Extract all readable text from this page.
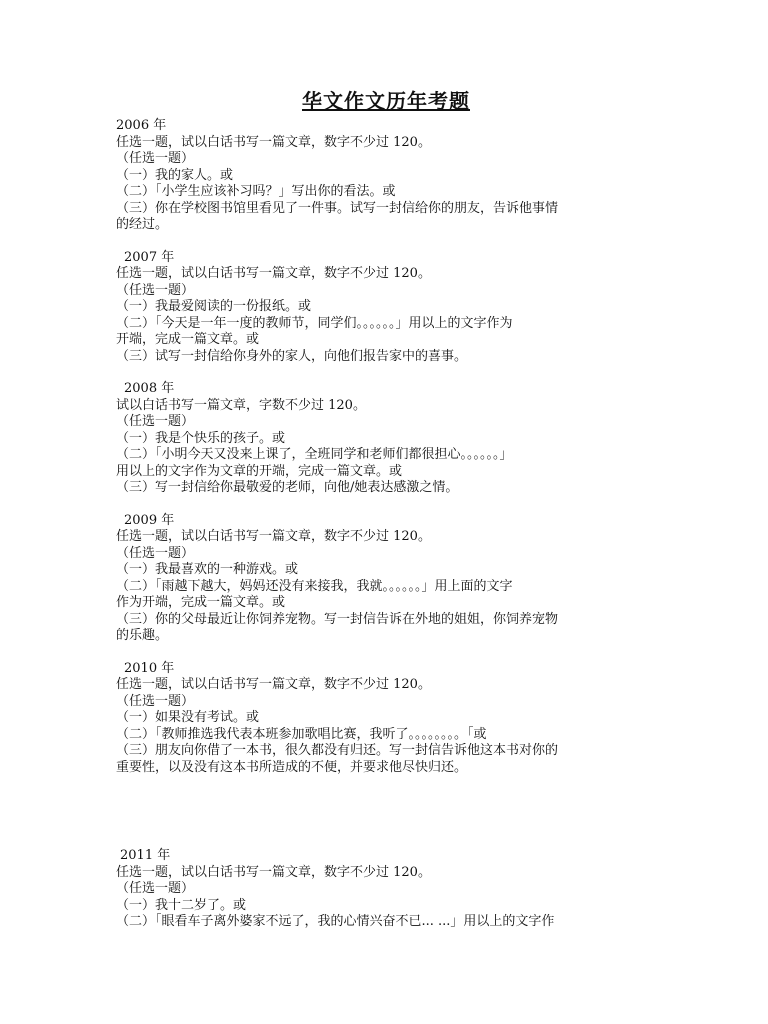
华文作文历年考题
2006 年
任选一题，试以白话书写一篇文章，数字不少过 120。
（任选一题）
（一）我的家人。或
（二）「小学生应该补习吗？」写出你的看法。或
（三）你在学校图书馆里看见了一件事。试写一封信给你的朋友，告诉他事情
的经过。
2007 年
任选一题，试以白话书写一篇文章，数字不少过 120。
（任选一题）
（一）我最爱阅读的一份报纸。或
（二）「今天是一年一度的教师节，同学们。。。。。。」用以上的文字作为
开端，完成一篇文章。或
（三）试写一封信给你身外的家人，向他们报告家中的喜事。
2008 年
试以白话书写一篇文章，字数不少过 120。
（任选一题）
（一）我是个快乐的孩子。或
（二）「小明今天又没来上课了，全班同学和老师们都很担心。。。。。。」
用以上的文字作为文章的开端，完成一篇文章。或
（三）写一封信给你最敬爱的老师，向他/她表达感激之情。
2009 年
任选一题，试以白话书写一篇文章，数字不少过 120。
（任选一题）
（一）我最喜欢的一种游戏。或
（二）「雨越下越大，妈妈还没有来接我，我就。。。。。。」用上面的文字
作为开端，完成一篇文章。或
（三）你的父母最近让你饲养宠物。写一封信告诉在外地的姐姐，你饲养宠物
的乐趣。
2010 年
任选一题，试以白话书写一篇文章，数字不少过 120。
（任选一题）
（一）如果没有考试。或
（二）「教师推选我代表本班参加歌唱比赛，我听了。。。。。。。。「或
（三）朋友向你借了一本书，很久都没有归还。写一封信告诉他这本书对你的
重要性，以及没有这本书所造成的不便，并要求他尽快归还。
2011 年
任选一题，试以白话书写一篇文章，数字不少过 120。
（任选一题）
（一）我十二岁了。或
（二）「眼看车子离外婆家不远了，我的心情兴奋不已... ...」用以上的文字作
